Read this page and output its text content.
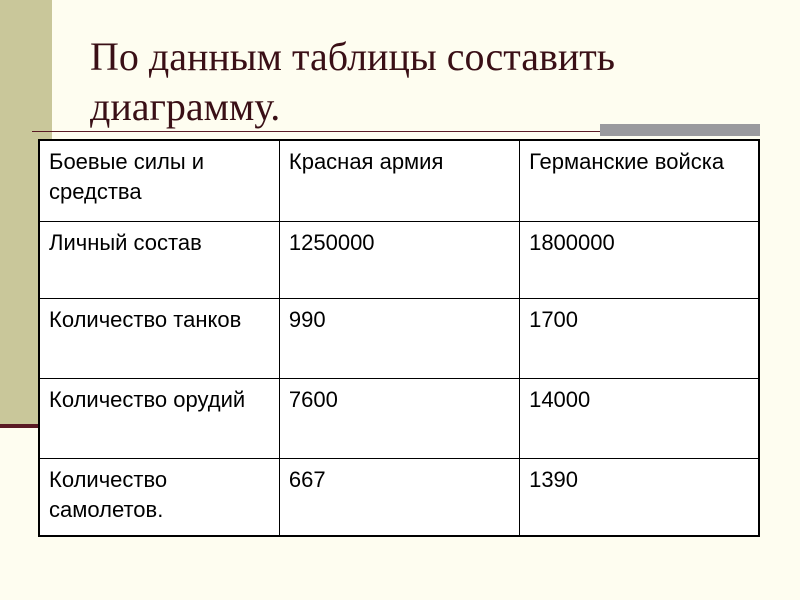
По данным таблицы составить диаграмму.
Боевые силы и средства	Красная армия	Германские войска
Личный состав	1250000	1800000
Количество танков	990	1700
Количество орудий	7600	14000
Количество самолетов.	667	1390
